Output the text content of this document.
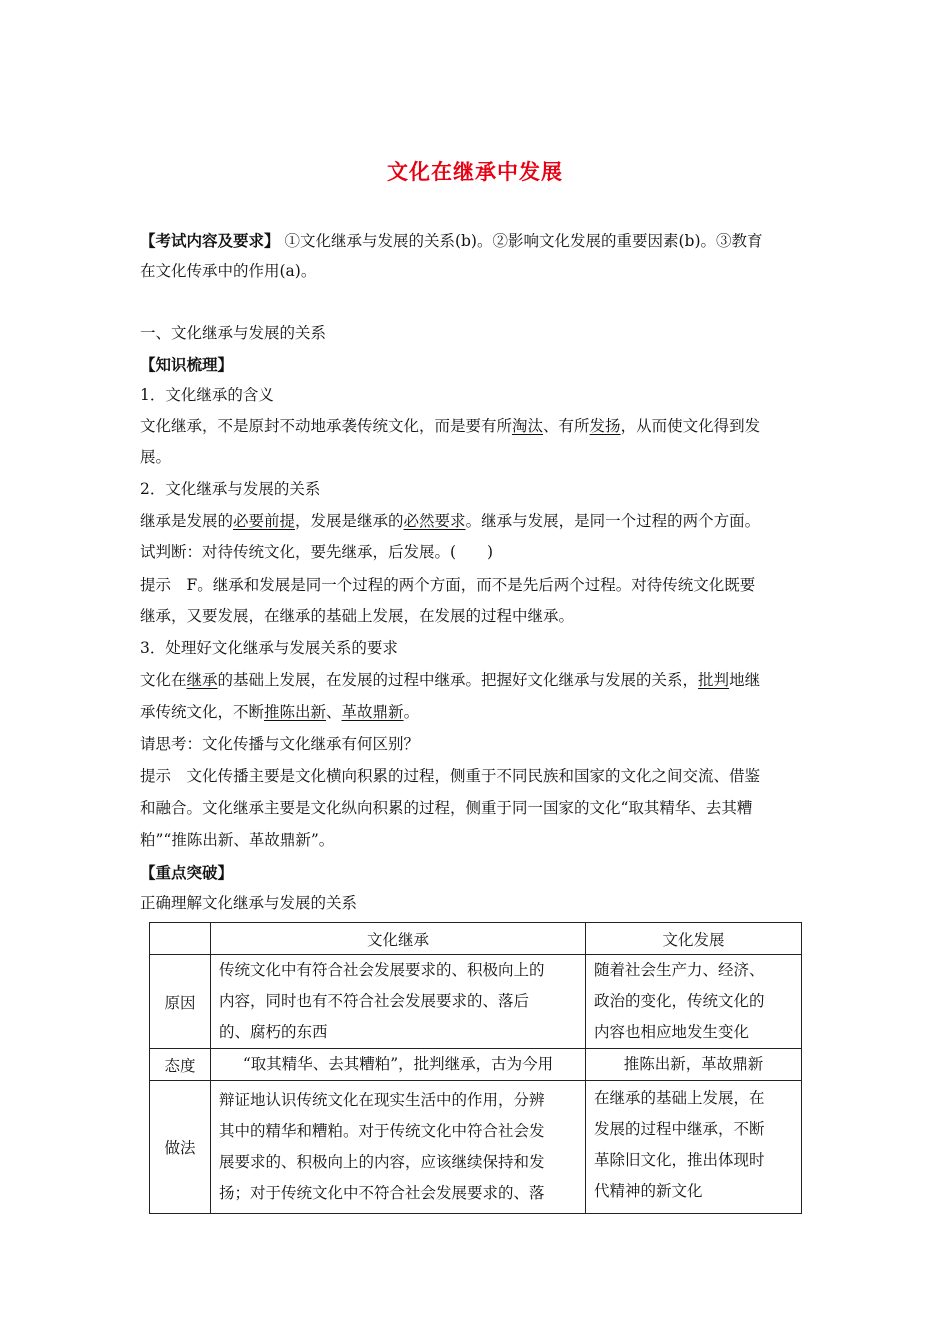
文化在继承中发展
【考试内容及要求】 ①文化继承与发展的关系(b)。②影响文化发展的重要因素(b)。③教育
在文化传承中的作用(a)。
一、文化继承与发展的关系
【知识梳理】
1．文化继承的含义
文化继承，不是原封不动地承袭传统文化，而是要有所淘汰、有所发扬，从而使文化得到发
展。
2．文化继承与发展的关系
继承是发展的必要前提，发展是继承的必然要求。继承与发展，是同一个过程的两个方面。
试判断：对待传统文化，要先继承，后发展。(　　)
提示　F。继承和发展是同一个过程的两个方面，而不是先后两个过程。对待传统文化既要
继承，又要发展，在继承的基础上发展，在发展的过程中继承。
3．处理好文化继承与发展关系的要求
文化在继承的基础上发展，在发展的过程中继承。把握好文化继承与发展的关系，批判地继
承传统文化，不断推陈出新、革故鼎新。
请思考：文化传播与文化继承有何区别？
提示　文化传播主要是文化横向积累的过程，侧重于不同民族和国家的文化之间交流、借鉴
和融合。文化继承主要是文化纵向积累的过程，侧重于同一国家的文化“取其精华、去其糟
粕”“推陈出新、革故鼎新”。
【重点突破】
正确理解文化继承与发展的关系
	文化继承	文化发展
原因	传统文化中有符合社会发展要求的、积极向上的
内容，同时也有不符合社会发展要求的、落后
的、腐朽的东西	随着社会生产力、经济、
政治的变化，传统文化的
内容也相应地发生变化

态度	“取其精华、去其糟粕”，批判继承，古为今用	推陈出新，革故鼎新

做法	辩证地认识传统文化在现实生活中的作用，分辨
其中的精华和糟粕。对于传统文化中符合社会发
展要求的、积极向上的内容，应该继续保持和发
扬；对于传统文化中不符合社会发展要求的、落	在继承的基础上发展，在
发展的过程中继承，不断
革除旧文化，推出体现时
代精神的新文化
